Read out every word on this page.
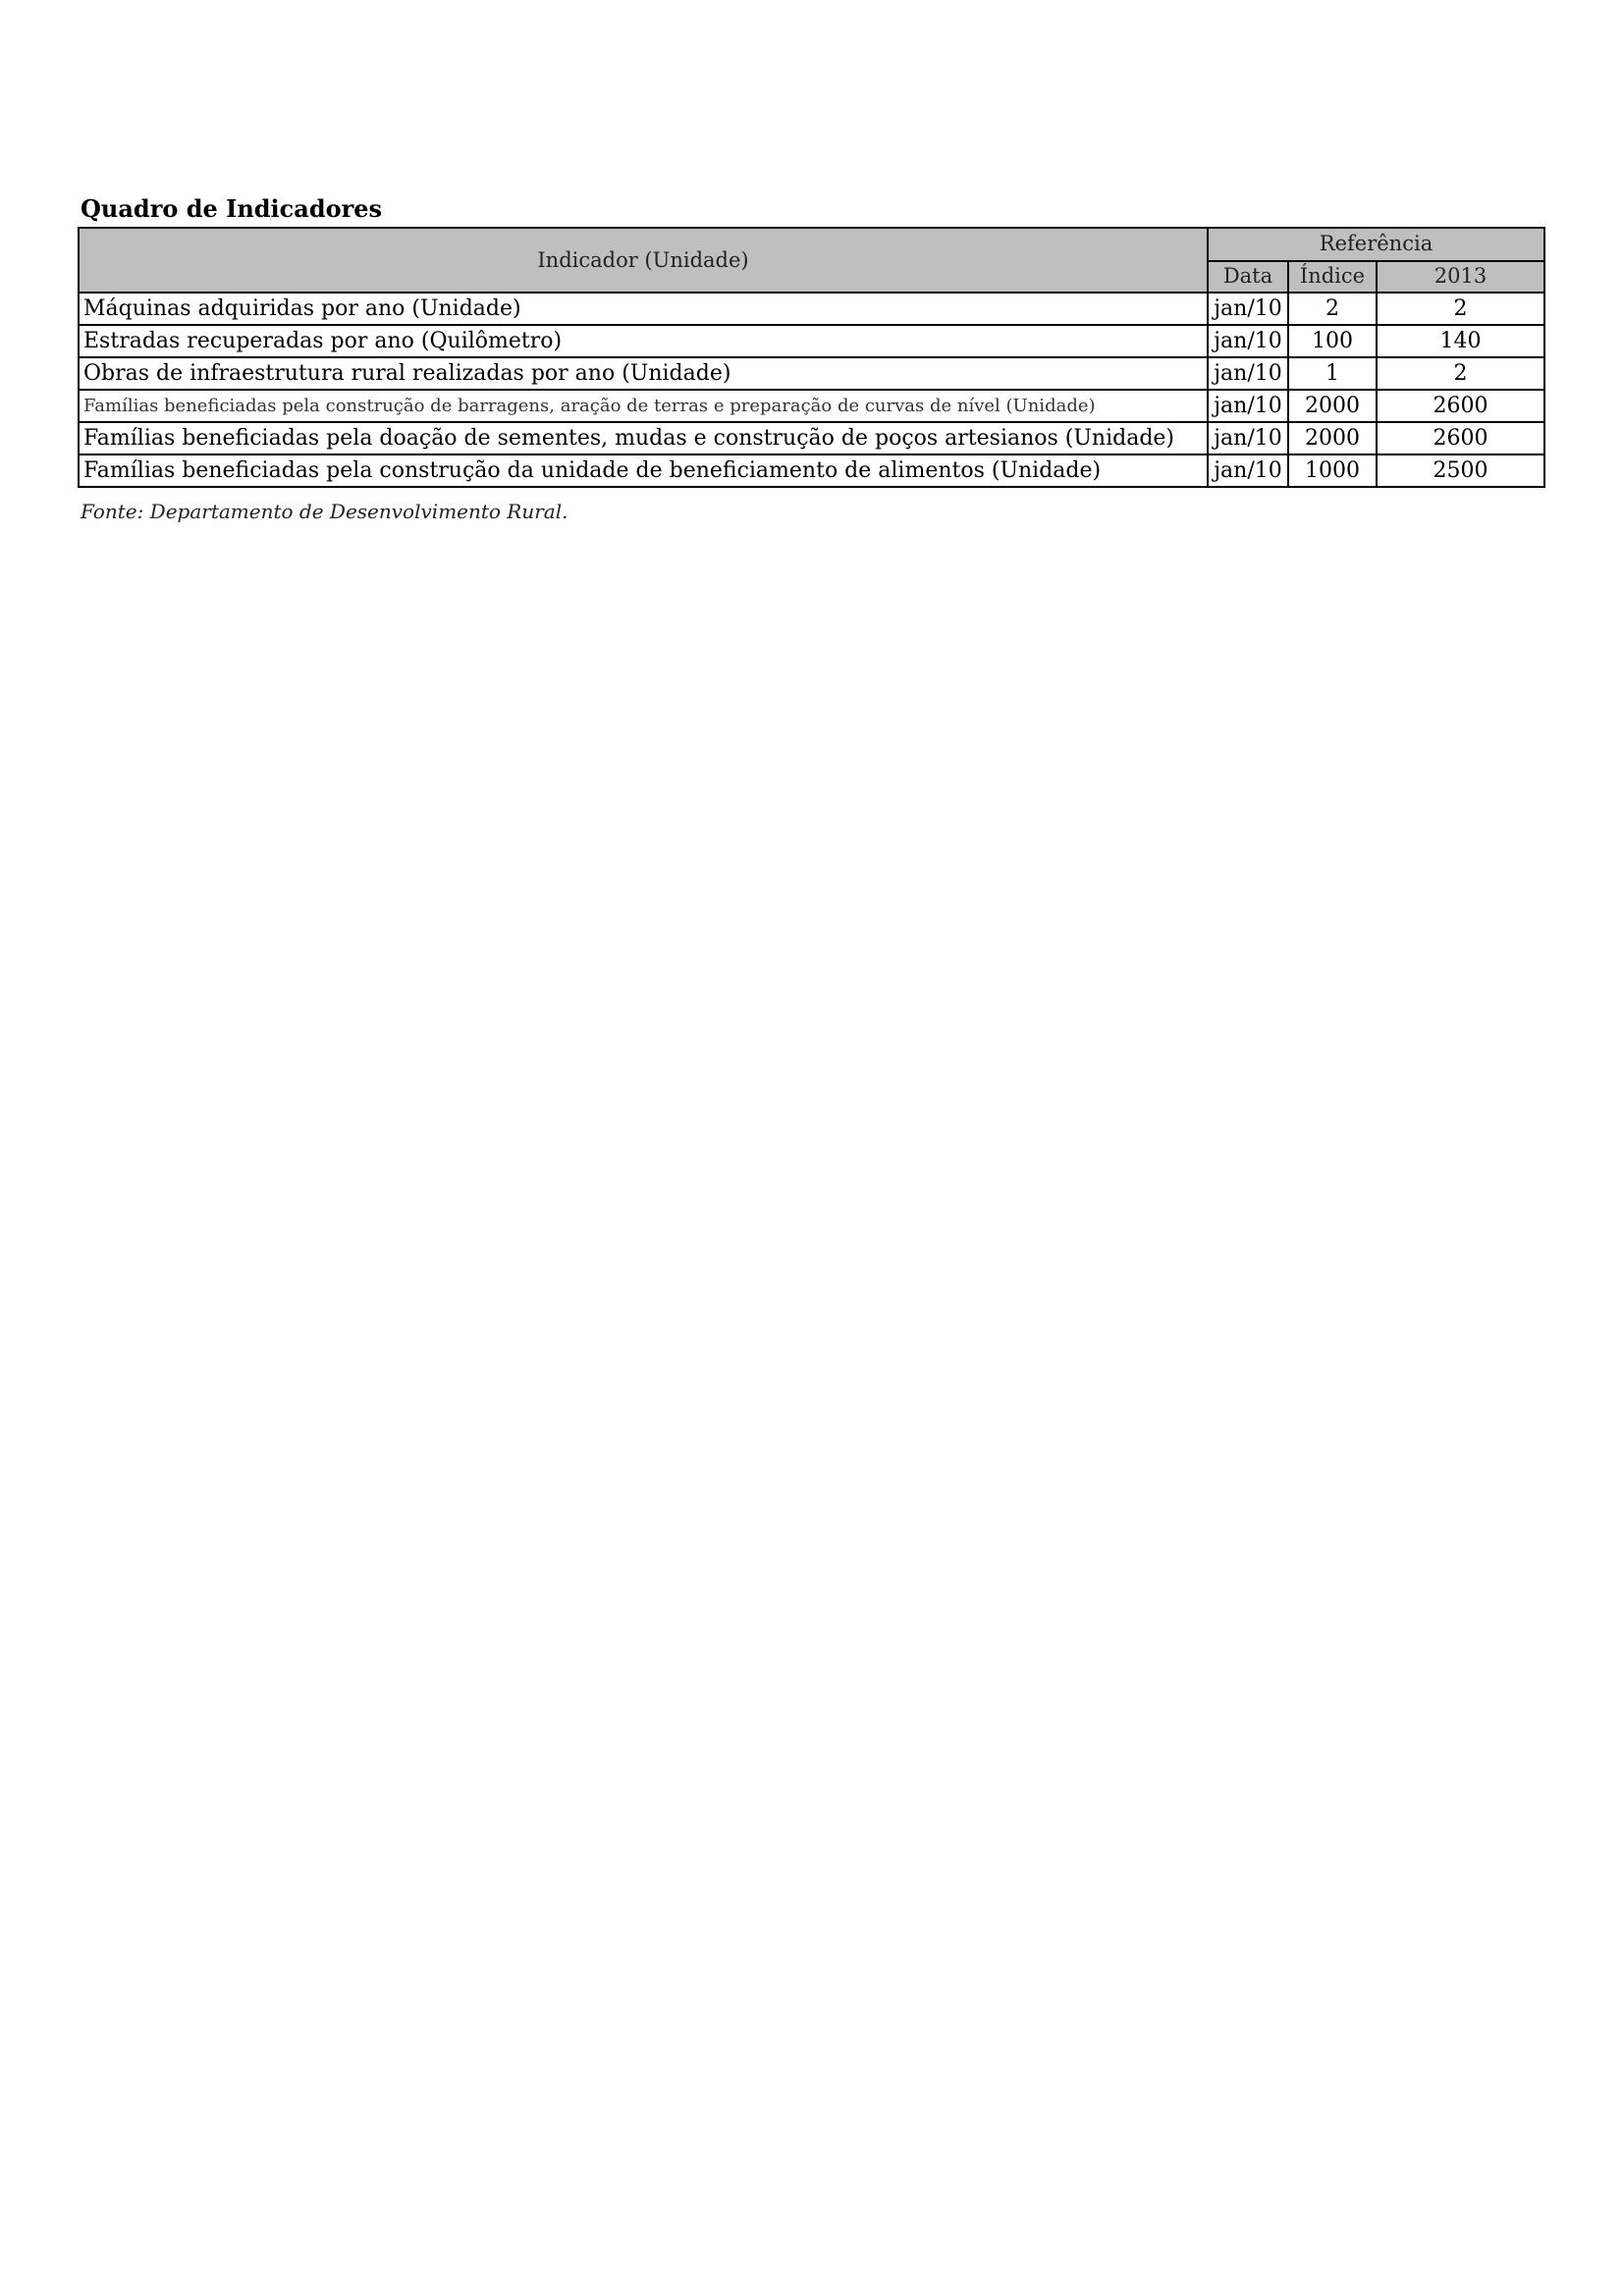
Quadro de Indicadores
Indicador (Unidade)	Referência		
	Data	Índice	2013
Máquinas adquiridas por ano (Unidade)	jan/10	2	2
Estradas recuperadas por ano (Quilômetro)	jan/10	100	140
Obras de infraestrutura rural realizadas por ano (Unidade)	jan/10	1	2
Famílias beneficiadas pela construção de barragens, aração de terras e preparação de curvas de nível (Unidade)	jan/10	2000	2600
Famílias beneficiadas pela doação de sementes, mudas e construção de poços artesianos (Unidade)	jan/10	2000	2600
Famílias beneficiadas pela construção da unidade de beneficiamento de alimentos (Unidade)	jan/10	1000	2500
Fonte: Departamento de Desenvolvimento Rural.
